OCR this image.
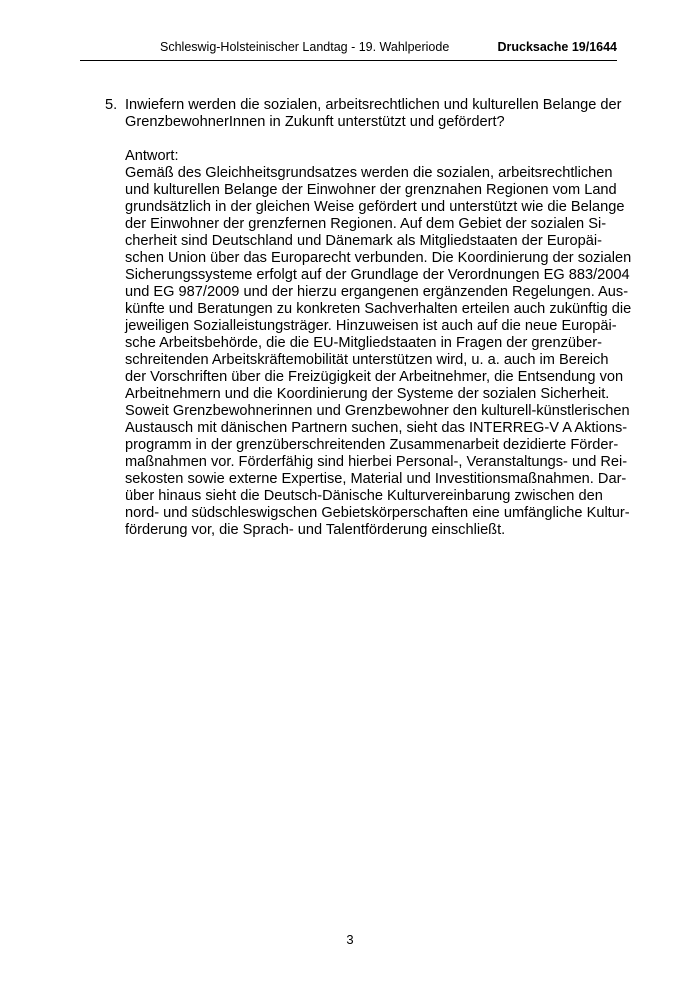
Schleswig-Holsteinischer Landtag - 19. Wahlperiode	Drucksache 19/1644
5. Inwiefern werden die sozialen, arbeitsrechtlichen und kulturellen Belange der
GrenzbewohnerInnen in Zukunft unterstützt und gefördert?
Antwort:
Gemäß des Gleichheitsgrundsatzes werden die sozialen, arbeitsrechtlichen
und kulturellen Belange der Einwohner der grenznahen Regionen vom Land
grundsätzlich in der gleichen Weise gefördert und unterstützt wie die Belange
der Einwohner der grenzfernen Regionen. Auf dem Gebiet der sozialen Si-
cherheit sind Deutschland und Dänemark als Mitgliedstaaten der Europäi-
schen Union über das Europarecht verbunden. Die Koordinierung der sozialen
Sicherungssysteme erfolgt auf der Grundlage der Verordnungen EG 883/2004
und EG 987/2009 und der hierzu ergangenen ergänzenden Regelungen. Aus-
künfte und Beratungen zu konkreten Sachverhalten erteilen auch zukünftig die
jeweiligen Sozialleistungsträger. Hinzuweisen ist auch auf die neue Europäi-
sche Arbeitsbehörde, die die EU-Mitgliedstaaten in Fragen der grenzüber-
schreitenden Arbeitskräftemobilität unterstützen wird, u. a. auch im Bereich
der Vorschriften über die Freizügigkeit der Arbeitnehmer, die Entsendung von
Arbeitnehmern und die Koordinierung der Systeme der sozialen Sicherheit.
Soweit Grenzbewohnerinnen und Grenzbewohner den kulturell-künstlerischen
Austausch mit dänischen Partnern suchen, sieht das INTERREG-V A Aktions-
programm in der grenzüberschreitenden Zusammenarbeit dezidierte Förder-
maßnahmen vor. Förderfähig sind hierbei Personal-, Veranstaltungs- und Rei-
sekosten sowie externe Expertise, Material und Investitionsmaßnahmen. Dar-
über hinaus sieht die Deutsch-Dänische Kulturvereinbarung zwischen den
nord- und südschleswigschen Gebietskörperschaften eine umfängliche Kultur-
förderung vor, die Sprach- und Talentförderung einschließt.
3
